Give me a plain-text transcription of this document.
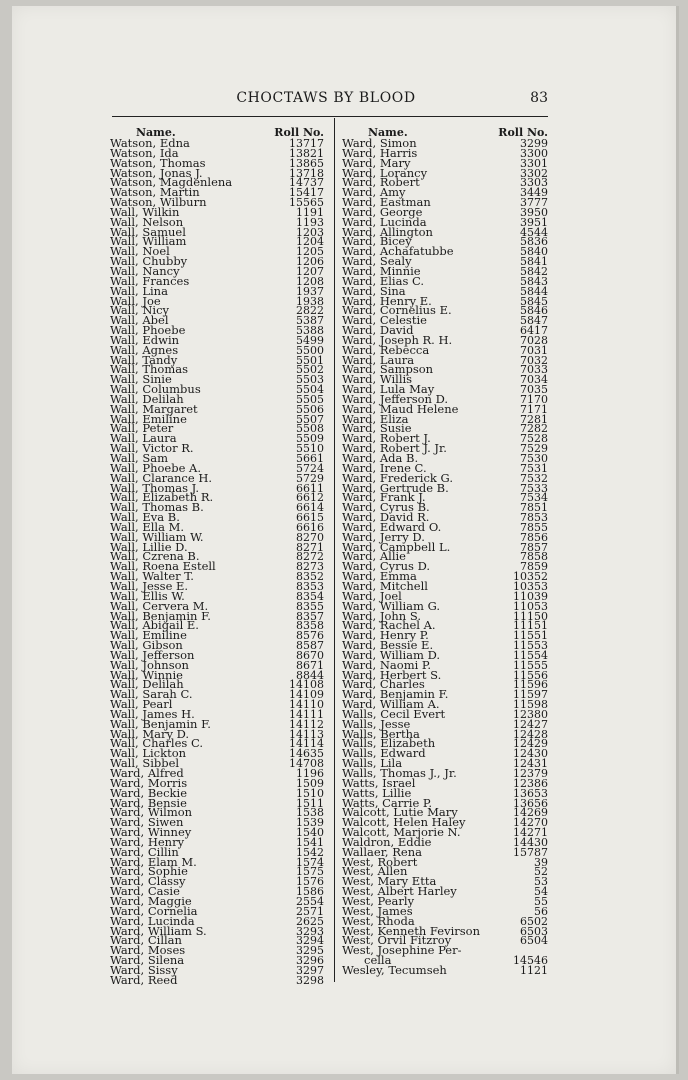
CHOCTAWS BY BLOOD	83
Name.	Roll No.
Watson, Edna	13717
Watson, Ida	13821
Watson, Thomas	13865
Watson, Jonas J.	13718
Watson, Magdenlena	14737
Watson, Martin	15417
Watson, Wilburn	15565
Wall, Wilkin	1191
Wall, Nelson	1193
Wall, Samuel	1203
Wall, William	1204
Wall, Noel	1205
Wall, Chubby	1206
Wall, Nancy	1207
Wall, Frances	1208
Wall, Lina	1937
Wall, Joe	1938
Wall, Nicy	2822
Wall, Abel	5387
Wall, Phoebe	5388
Wall, Edwin	5499
Wall, Agnes	5500
Wall, Tandy	5501
Wall, Thomas	5502
Wall, Sinie	5503
Wall, Columbus	5504
Wall, Delilah	5505
Wall, Margaret	5506
Wall, Emiline	5507
Wall, Peter	5508
Wall, Laura	5509
Wall, Victor R.	5510
Wall, Sam	5661
Wall, Phoebe A.	5724
Wall, Clarance H.	5729
Wall, Thomas J.	6611
Wall, Elizabeth R.	6612
Wall, Thomas B.	6614
Wall, Eva B.	6615
Wall, Ella M.	6616
Wall, William W.	8270
Wall, Lillie D.	8271
Wall, Czrena B.	8272
Wall, Roena Estell	8273
Wall, Walter T.	8352
Wall, Jesse E.	8353
Wall, Ellis W.	8354
Wall, Cervera M.	8355
Wall, Benjamin F.	8357
Wall, Abigail E.	8358
Wall, Emiline	8576
Wall, Gibson	8587
Wall, Jefferson	8670
Wall, Johnson	8671
Wall, Winnie	8844
Wall, Delilah	14108
Wall, Sarah C.	14109
Wall, Pearl	14110
Wall, James H.	14111
Wall, Benjamin F.	14112
Wall, Mary D.	14113
Wall, Charles C.	14114
Wall, Lickton	14635
Wall, Sibbel	14708
Ward, Alfred	1196
Ward, Morris	1509
Ward, Beckie	1510
Ward, Bensie	1511
Ward, Wilmon	1538
Ward, Siwen	1539
Ward, Winney	1540
Ward, Henry	1541
Ward, Cillin	1542
Ward, Elam M.	1574
Ward, Sophie	1575
Ward, Classy	1576
Ward, Casie	1586
Ward, Maggie	2554
Ward, Cornelia	2571
Ward, Lucinda	2625
Ward, William S.	3293
Ward, Cillan	3294
Ward, Moses	3295
Ward, Silena	3296
Ward, Sissy	3297
Ward, Reed	3298
Name.	Roll No.
Ward, Simon	3299
Ward, Harris	3300
Ward, Mary	3301
Ward, Lorancy	3302
Ward, Robert	3303
Ward, Amy	3449
Ward, Eastman	3777
Ward, George	3950
Ward, Lucinda	3951
Ward, Allington	4544
Ward, Bicey	5836
Ward, Achafatubbe	5840
Ward, Sealy	5841
Ward, Minnie	5842
Ward, Elias C.	5843
Ward, Sina	5844
Ward, Henry E.	5845
Ward, Cornelius E.	5846
Ward, Celestie	5847
Ward, David	6417
Ward, Joseph R. H.	7028
Ward, Rebecca	7031
Ward, Laura	7032
Ward, Sampson	7033
Ward, Willis	7034
Ward, Lula May	7035
Ward, Jefferson D.	7170
Ward, Maud Helene	7171
Ward, Eliza	7281
Ward, Susie	7282
Ward, Robert J.	7528
Ward, Robert J. Jr.	7529
Ward, Ada B.	7530
Ward, Irene C.	7531
Ward, Frederick G.	7532
Ward, Gertrude B.	7533
Ward, Frank J.	7534
Ward, Cyrus B.	7851
Ward, David R.	7853
Ward, Edward O.	7855
Ward, Jerry D.	7856
Ward, Campbell L.	7857
Ward, Allie	7858
Ward, Cyrus D.	7859
Ward, Emma	10352
Ward, Mitchell	10353
Ward, Joel	11039
Ward, William G.	11053
Ward, John S.	11150
Ward, Rachel A.	11151
Ward, Henry P.	11551
Ward, Bessie E.	11553
Ward, William D.	11554
Ward, Naomi P.	11555
Ward, Herbert S.	11556
Ward, Charles	11596
Ward, Benjamin F.	11597
Ward, William A.	11598
Walls, Cecil Evert	12380
Walls, Jesse	12427
Walls, Bertha	12428
Walls, Elizabeth	12429
Walls, Edward	12430
Walls, Lila	12431
Walls, Thomas J., Jr.	12379
Watts, Israel	12386
Watts, Lillie	13653
Watts, Carrie P.	13656
Walcott, Lutie Mary	14269
Walcott, Helen Haley	14270
Walcott, Marjorie N.	14271
Waldron, Eddie	14430
Wallaer, Rena	15787
West, Robert	39
West, Allen	52
West, Mary Etta	53
West, Albert Harley	54
West, Pearly	55
West, James	56
West, Rhoda	6502
West, Kenneth Fevirson	6503
West, Orvil Fitzroy	6504
West, Josephine Per-
cella	14546
Wesley, Tecumseh	1121
